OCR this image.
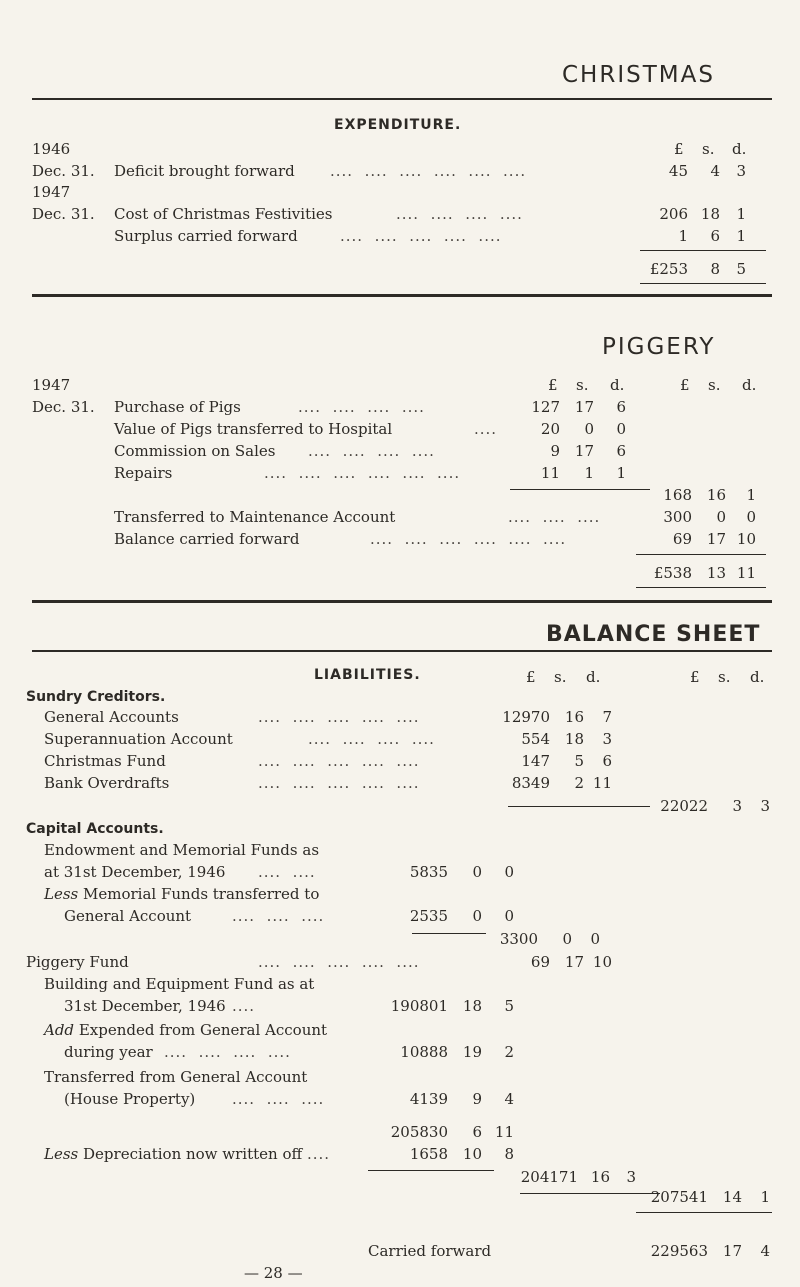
CHRISTMAS
EXPENDITURE.
£ s. d.
1946
Dec. 31. Deficit brought forward ....  ....  ....  ....  ....  ....	45 4 3
1947
Dec. 31. Cost of Christmas Festivities	....  ....  ....  ....	206 18 1
Surplus carried forward	....  ....  ....  ....  ....	1 6 1
£253 8 5
PIGGERY
1947	£ s. d.	£ s. d.
Dec. 31. Purchase of Pigs	....  ....  ....  ....	127 17 6
Value of Pigs transferred to Hospital	....	20 0 0
Commission on Sales ....  ....  ....  ....	9 17 6
Repairs	....  ....  ....  ....  ....  ....	11 1 1
168 16 1
Transferred to Maintenance Account	....  ....  ....	300 0 0
Balance carried forward	....  ....  ....  ....  ....  ....	69 17 10
£538 13 11
BALANCE SHEET
LIABILITIES.	£ s. d.	£ s. d.
Sundry Creditors.
General Accounts	....  ....  ....  ....  ....	12970 16 7
Superannuation Account	....  ....  ....  ....	554 18 3
Christmas Fund	....  ....  ....  ....  ....	147 5 6
Bank Overdrafts	....  ....  ....  ....  ....	8349 2 11
22022 3 3
Capital Accounts.
Endowment and Memorial Funds as
at 31st December, 1946 ....  ....	5835 0 0
Less Memorial Funds transferred to
General Account	....  ....  ....	2535 0 0
3300 0 0
Piggery Fund	....  ....  ....  ....  ....	69 17 10
Building and Equipment Fund as at
31st December, 1946 ....	190801 18 5
Add Expended from General Account
during year ....  ....  ....  ....	10888 19 2
Transferred from General Account
(House Property) ....  ....  ....	4139 9 4
205830 6 11
Less Depreciation now written off ....	1658 10 8
204171 16 3
207541 14 1
Carried forward	229563 17 4
— 28 —
